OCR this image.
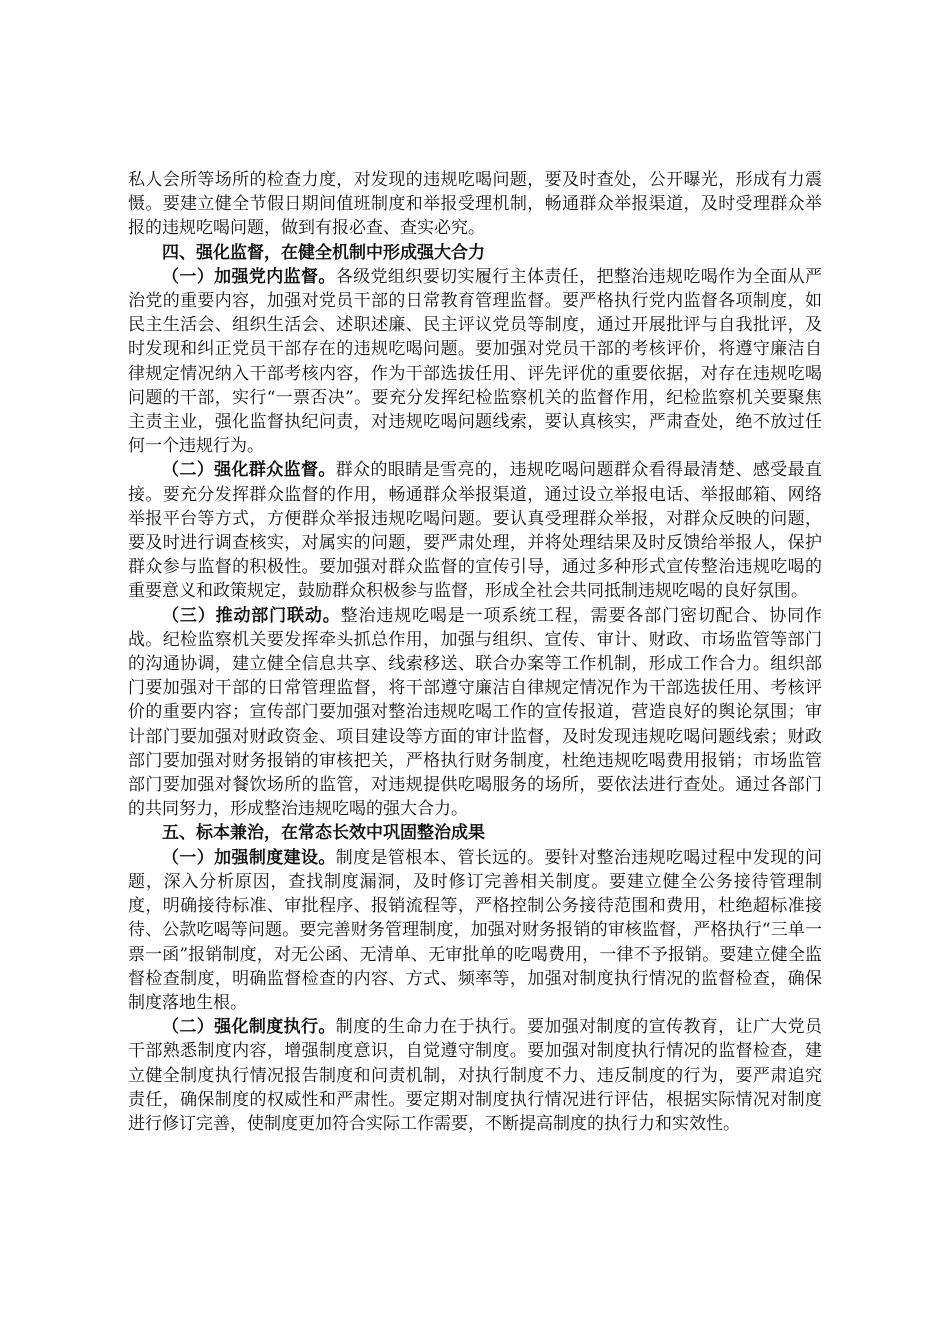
私人会所等场所的检查力度，对发现的违规吃喝问题，要及时查处，公开曝光，形成有力震慑。要建立健全节假日期间值班制度和举报受理机制，畅通群众举报渠道，及时受理群众举报的违规吃喝问题，做到有报必查、查实必究。

四、强化监督，在健全机制中形成强大合力

（一）加强党内监督。各级党组织要切实履行主体责任，把整治违规吃喝作为全面从严治党的重要内容，加强对党员干部的日常教育管理监督。要严格执行党内监督各项制度，如民主生活会、组织生活会、述职述廉、民主评议党员等制度，通过开展批评与自我批评，及时发现和纠正党员干部存在的违规吃喝问题。要加强对党员干部的考核评价，将遵守廉洁自律规定情况纳入干部考核内容，作为干部选拔任用、评先评优的重要依据，对存在违规吃喝问题的干部，实行“一票否决”。要充分发挥纪检监察机关的监督作用，纪检监察机关要聚焦主责主业，强化监督执纪问责，对违规吃喝问题线索，要认真核实，严肃查处，绝不放过任何一个违规行为。

（二）强化群众监督。群众的眼睛是雪亮的，违规吃喝问题群众看得最清楚、感受最直接。要充分发挥群众监督的作用，畅通群众举报渠道，通过设立举报电话、举报邮箱、网络举报平台等方式，方便群众举报违规吃喝问题。要认真受理群众举报，对群众反映的问题，要及时进行调查核实，对属实的问题，要严肃处理，并将处理结果及时反馈给举报人，保护群众参与监督的积极性。要加强对群众监督的宣传引导，通过多种形式宣传整治违规吃喝的重要意义和政策规定，鼓励群众积极参与监督，形成全社会共同抵制违规吃喝的良好氛围。

（三）推动部门联动。整治违规吃喝是一项系统工程，需要各部门密切配合、协同作战。纪检监察机关要发挥牵头抓总作用，加强与组织、宣传、审计、财政、市场监管等部门的沟通协调，建立健全信息共享、线索移送、联合办案等工作机制，形成工作合力。组织部门要加强对干部的日常管理监督，将干部遵守廉洁自律规定情况作为干部选拔任用、考核评价的重要内容；宣传部门要加强对整治违规吃喝工作的宣传报道，营造良好的舆论氛围；审计部门要加强对财政资金、项目建设等方面的审计监督，及时发现违规吃喝问题线索；财政部门要加强对财务报销的审核把关，严格执行财务制度，杜绝违规吃喝费用报销；市场监管部门要加强对餐饮场所的监管，对违规提供吃喝服务的场所，要依法进行查处。通过各部门的共同努力，形成整治违规吃喝的强大合力。

五、标本兼治，在常态长效中巩固整治成果

（一）加强制度建设。制度是管根本、管长远的。要针对整治违规吃喝过程中发现的问题，深入分析原因，查找制度漏洞，及时修订完善相关制度。要建立健全公务接待管理制度，明确接待标准、审批程序、报销流程等，严格控制公务接待范围和费用，杜绝超标准接待、公款吃喝等问题。要完善财务管理制度，加强对财务报销的审核监督，严格执行“三单一票一函”报销制度，对无公函、无清单、无审批单的吃喝费用，一律不予报销。要建立健全监督检查制度，明确监督检查的内容、方式、频率等，加强对制度执行情况的监督检查，确保制度落地生根。

（二）强化制度执行。制度的生命力在于执行。要加强对制度的宣传教育，让广大党员干部熟悉制度内容，增强制度意识，自觉遵守制度。要加强对制度执行情况的监督检查，建立健全制度执行情况报告制度和问责机制，对执行制度不力、违反制度的行为，要严肃追究责任，确保制度的权威性和严肃性。要定期对制度执行情况进行评估，根据实际情况对制度进行修订完善，使制度更加符合实际工作需要，不断提高制度的执行力和实效性。
